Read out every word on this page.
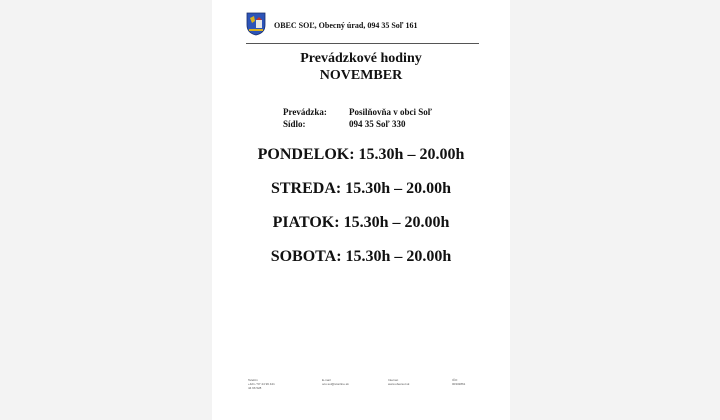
OBEC SOĽ, Obecný úrad, 094 35 Soľ 161
Prevádzkové hodiny
NOVEMBER
Prevádzka:	Posilňovňa v obci Soľ
Sídlo:	094 35 Soľ 330
PONDELOK: 15.30h – 20.00h
STREDA: 15.30h – 20.00h
PIATOK: 15.30h – 20.00h
SOBOTA: 15.30h – 20.00h
Telefón
+421 / 57 44 96 421
44 96 528
E-mail
ocu.sol@stonline.sk
Internet
www.obecsol.sk
IČO
00332861
